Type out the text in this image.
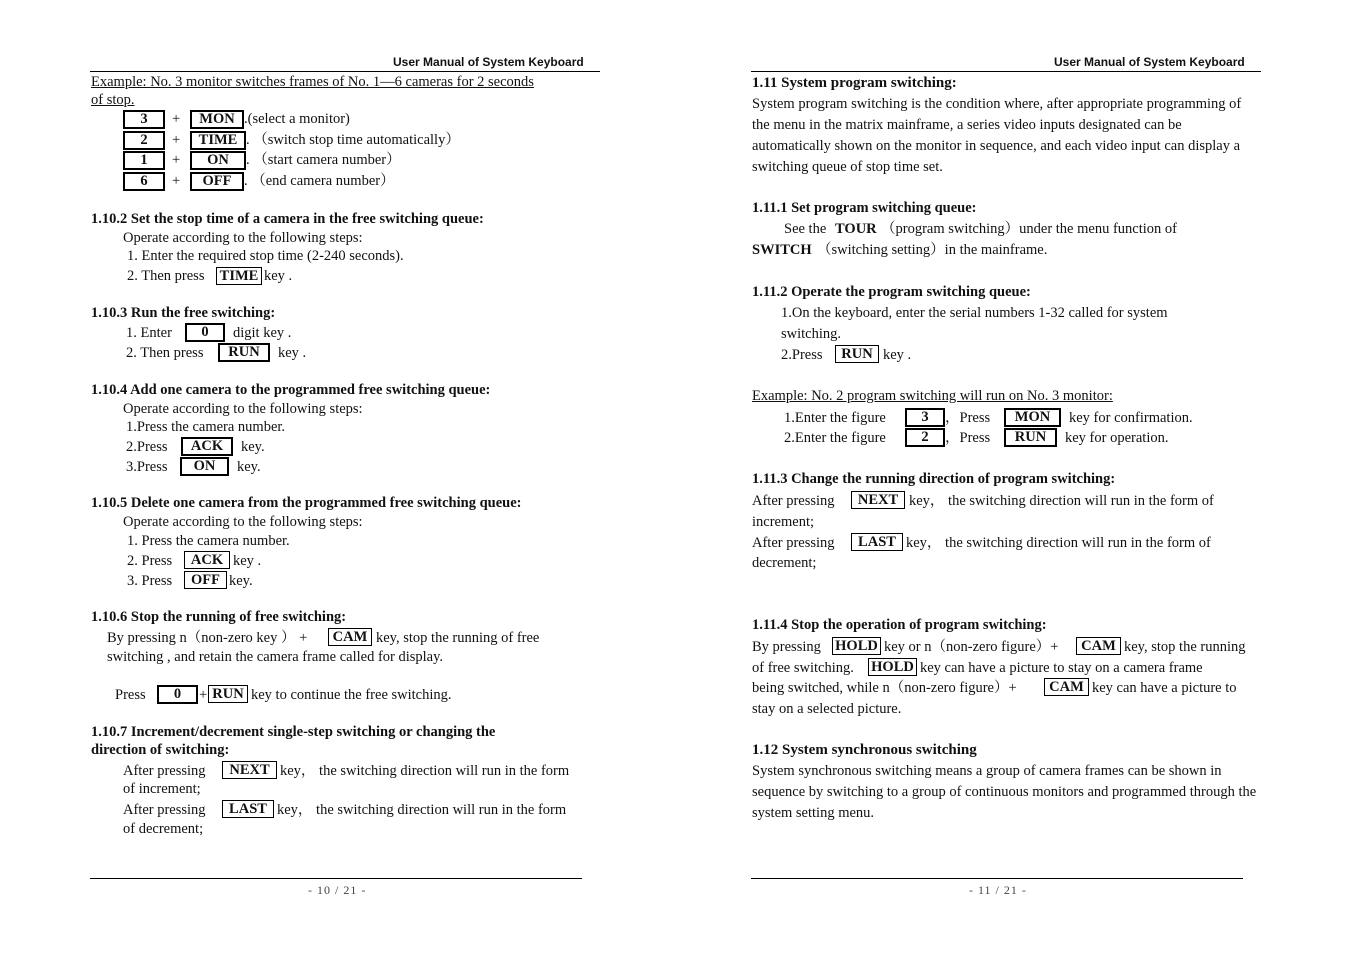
User Manual of System Keyboard
Example: No. 3 monitor switches frames of No. 1—6 cameras for 2 seconds
of stop.
3	+	MON .(select a monitor)
2	+	TIME . （switch stop time automatically）
1	+	ON	. （start camera number）
6	+	OFF . （end camera number）
1.10.2 Set the stop time of a camera in the free switching queue:
Operate according to the following steps:
1. Enter the required stop time (2-240 seconds).
2. Then press TIME key .
1.10.3 Run the free switching:
1. Enter	0	digit key .
2. Then press	RUN	key .
1.10.4 Add one camera to the programmed free switching queue:
Operate according to the following steps:
1.Press the camera number.
2.Press	ACK	key.
3.Press	ON	key.
1.10.5 Delete one camera from the programmed free switching queue:
Operate according to the following steps:
1. Press the camera number.
2. Press	ACK key .
3. Press	OFF key.
1.10.6 Stop the running of free switching:
By pressing n（non-zero key ） +	CAM key, stop the running of free
switching , and retain the camera frame called for display.
Press	0	+ RUN key to continue the free switching.
1.10.7 Increment/decrement single-step switching or changing the
direction of switching:
After pressing	NEXT key， the switching direction will run in the form
of increment;
After pressing	LAST key， the switching direction will run in the form
of decrement;
- 10 / 21 -
User Manual of System Keyboard
1.11 System program switching:
System program switching is the condition where, after appropriate programming of the menu in the matrix mainframe, a series video inputs designated can be automatically shown on the monitor in sequence, and each video input can display a switching queue of stop time set.
1.11.1 Set program switching queue:
See the TOUR （program switching）under the menu function of
SWITCH （switching setting）in the mainframe.
1.11.2 Operate the program switching queue:
1.On the keyboard, enter the serial numbers 1-32 called for system
switching.
2.Press	RUN key .
Example: No. 2 program switching will run on No. 3 monitor:
1.Enter the figure	3	，Press	MON	key for confirmation.
2.Enter the figure	2	，Press	RUN	key for operation.
1.11.3 Change the running direction of program switching:
After pressing	NEXT key， the switching direction will run in the form of
increment;
After pressing	LAST key， the switching direction will run in the form of
decrement;
1.11.4 Stop the operation of program switching:
By pressing HOLD key or n（non-zero figure）+	CAM key, stop the running
of free switching. HOLD key can have a picture to stay on a camera frame
being switched, while n（non-zero figure）+	CAM key can have a picture to
stay on a selected picture.
1.12 System synchronous switching
System synchronous switching means a group of camera frames can be shown in sequence by switching to a group of continuous monitors and programmed through the system setting menu.
- 11 / 21 -
